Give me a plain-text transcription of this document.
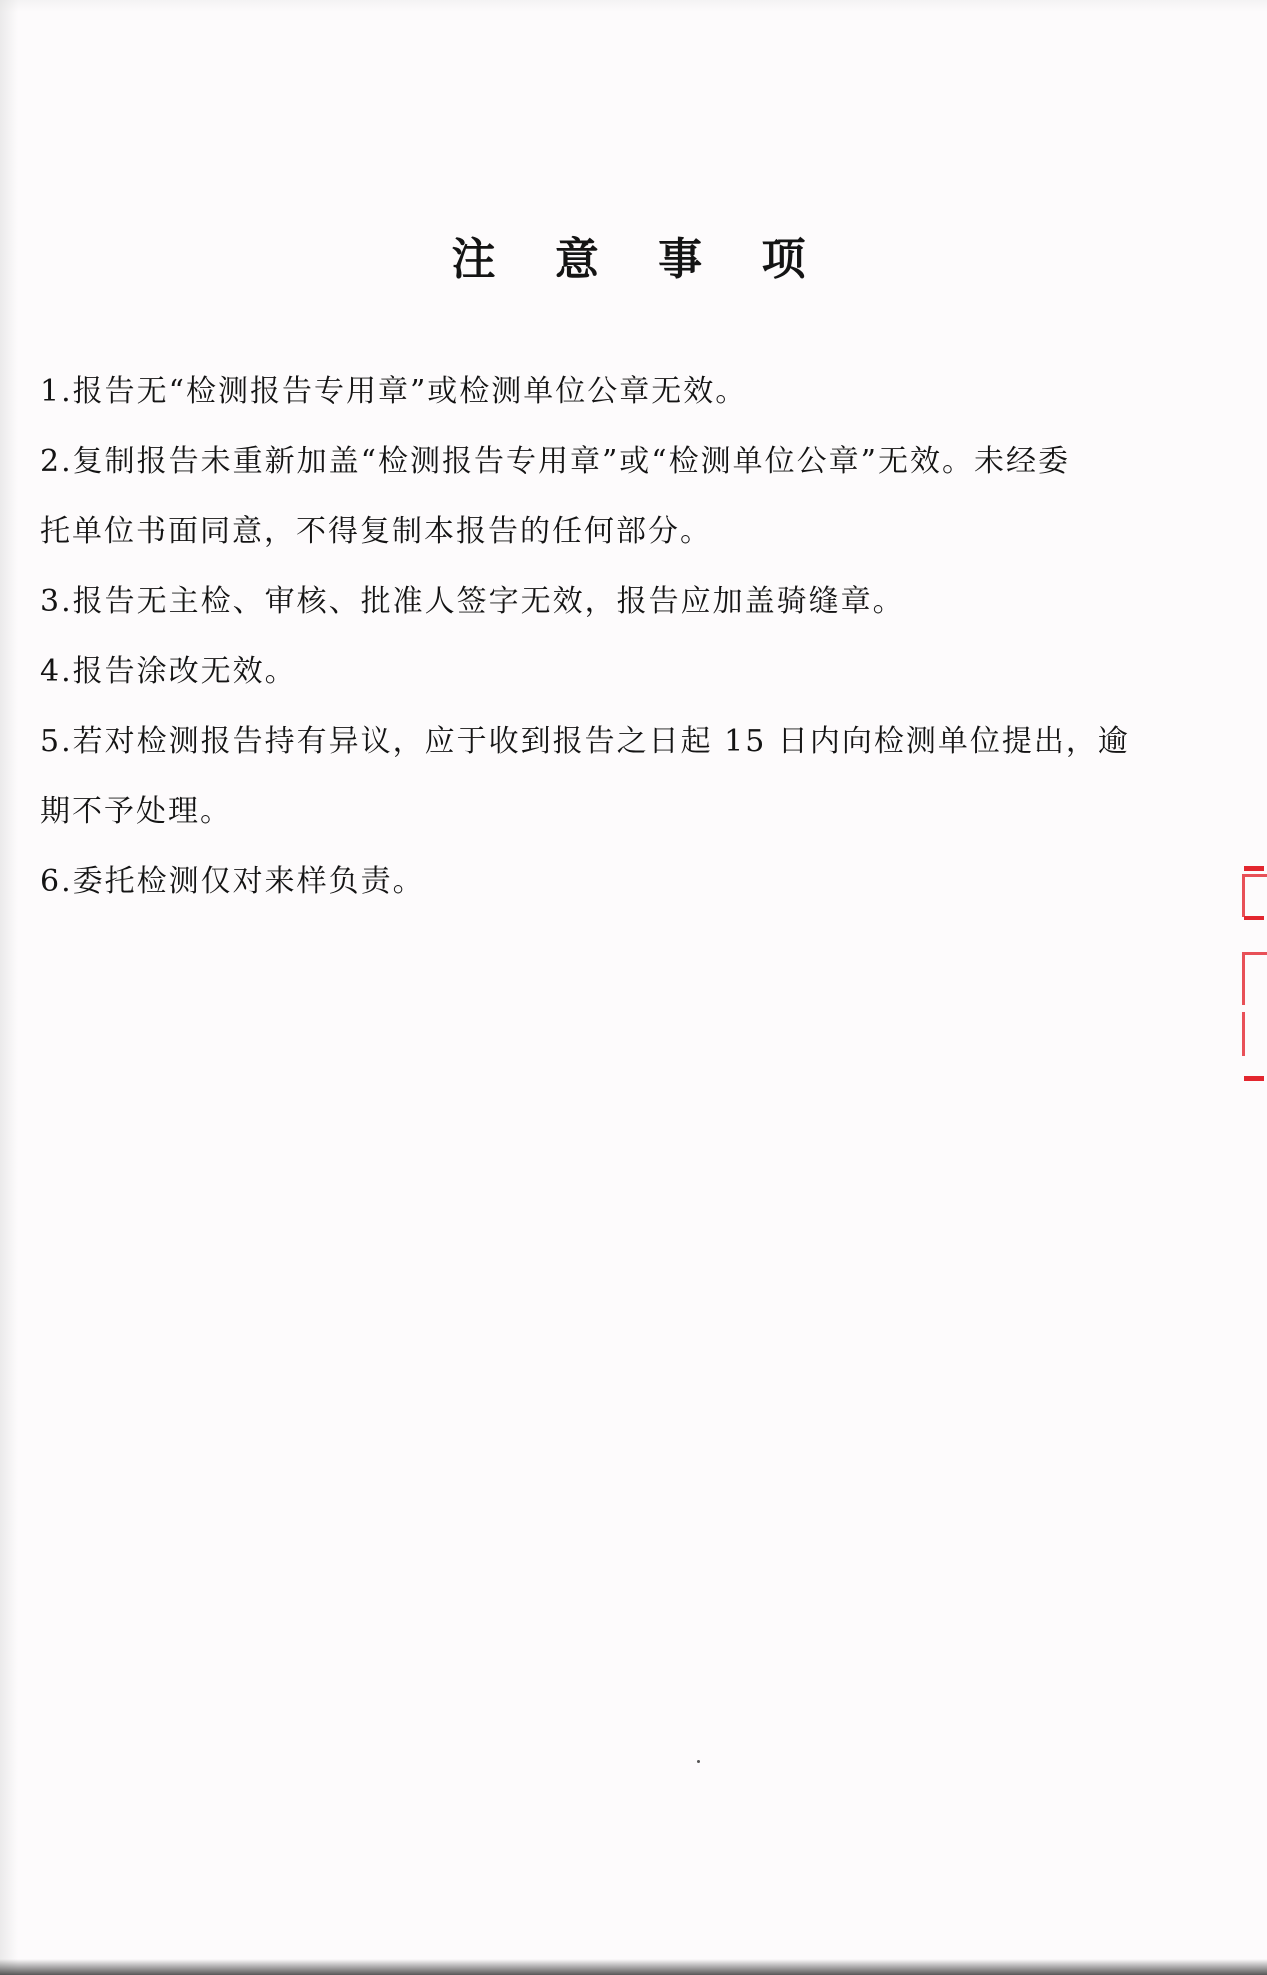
注 意 事 项

1.报告无“检测报告专用章”或检测单位公章无效。

2.复制报告未重新加盖“检测报告专用章”或“检测单位公章”无效。未经委

托单位书面同意，不得复制本报告的任何部分。

3.报告无主检、审核、批准人签字无效，报告应加盖骑缝章。

4.报告涂改无效。

5.若对检测报告持有异议，应于收到报告之日起 15 日内向检测单位提出，逾

期不予处理。

6.委托检测仅对来样负责。
